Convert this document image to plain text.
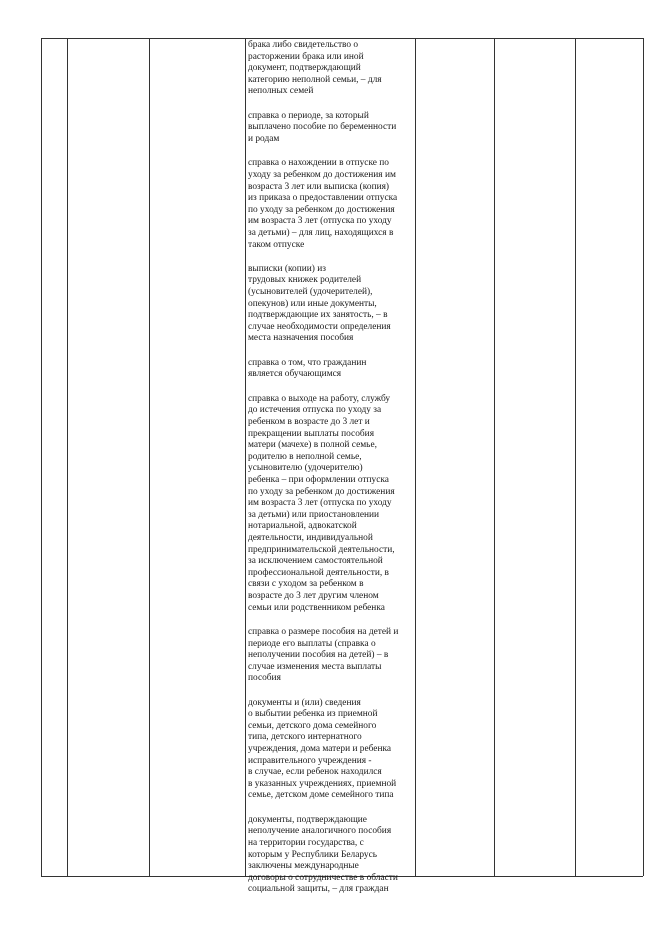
брака либо свидетельство о
расторжении брака или иной
документ, подтверждающий
категорию неполной семьи, – для
неполных семей

справка о периоде, за который
выплачено пособие по беременности
и родам

справка о нахождении в отпуске по
уходу за ребенком до достижения им
возраста 3 лет или выписка (копия)
из приказа о предоставлении отпуска
по уходу за ребенком до достижения
им возраста 3 лет (отпуска по уходу
за детьми) – для лиц, находящихся в
таком отпуске

выписки (копии) из
трудовых книжек родителей
(усыновителей (удочерителей),
опекунов) или иные документы,
подтверждающие их занятость, – в
случае необходимости определения
места назначения пособия

справка о том, что гражданин
является обучающимся

справка о выходе на работу, службу
до истечения отпуска по уходу за
ребенком в возрасте до 3 лет и
прекращении выплаты пособия
матери (мачехе) в полной семье,
родителю в неполной семье,
усыновителю (удочерителю)
ребенка – при оформлении отпуска
по уходу за ребенком до достижения
им возраста 3 лет (отпуска по уходу
за детьми) или приостановлении
нотариальной, адвокатской
деятельности, индивидуальной
предпринимательской деятельности,
за исключением самостоятельной
профессиональной деятельности, в
связи с уходом за ребенком в
возрасте до 3 лет другим членом
семьи или родственником ребенка

справка о размере пособия на детей и
периоде его выплаты (справка о
неполучении пособия на детей) – в
случае изменения места выплаты
пособия

документы и (или) сведения
о выбытии ребенка из приемной
семьи, детского дома семейного
типа, детского интернатного
учреждения, дома матери и ребенка
исправительного учреждения -
в случае, если ребенок находился
в указанных учреждениях, приемной
семье, детском доме семейного типа

документы, подтверждающие
неполучение аналогичного пособия
на территории государства, с
которым у Республики Беларусь
заключены международные
договоры о сотрудничестве в области
социальной защиты, – для граждан
